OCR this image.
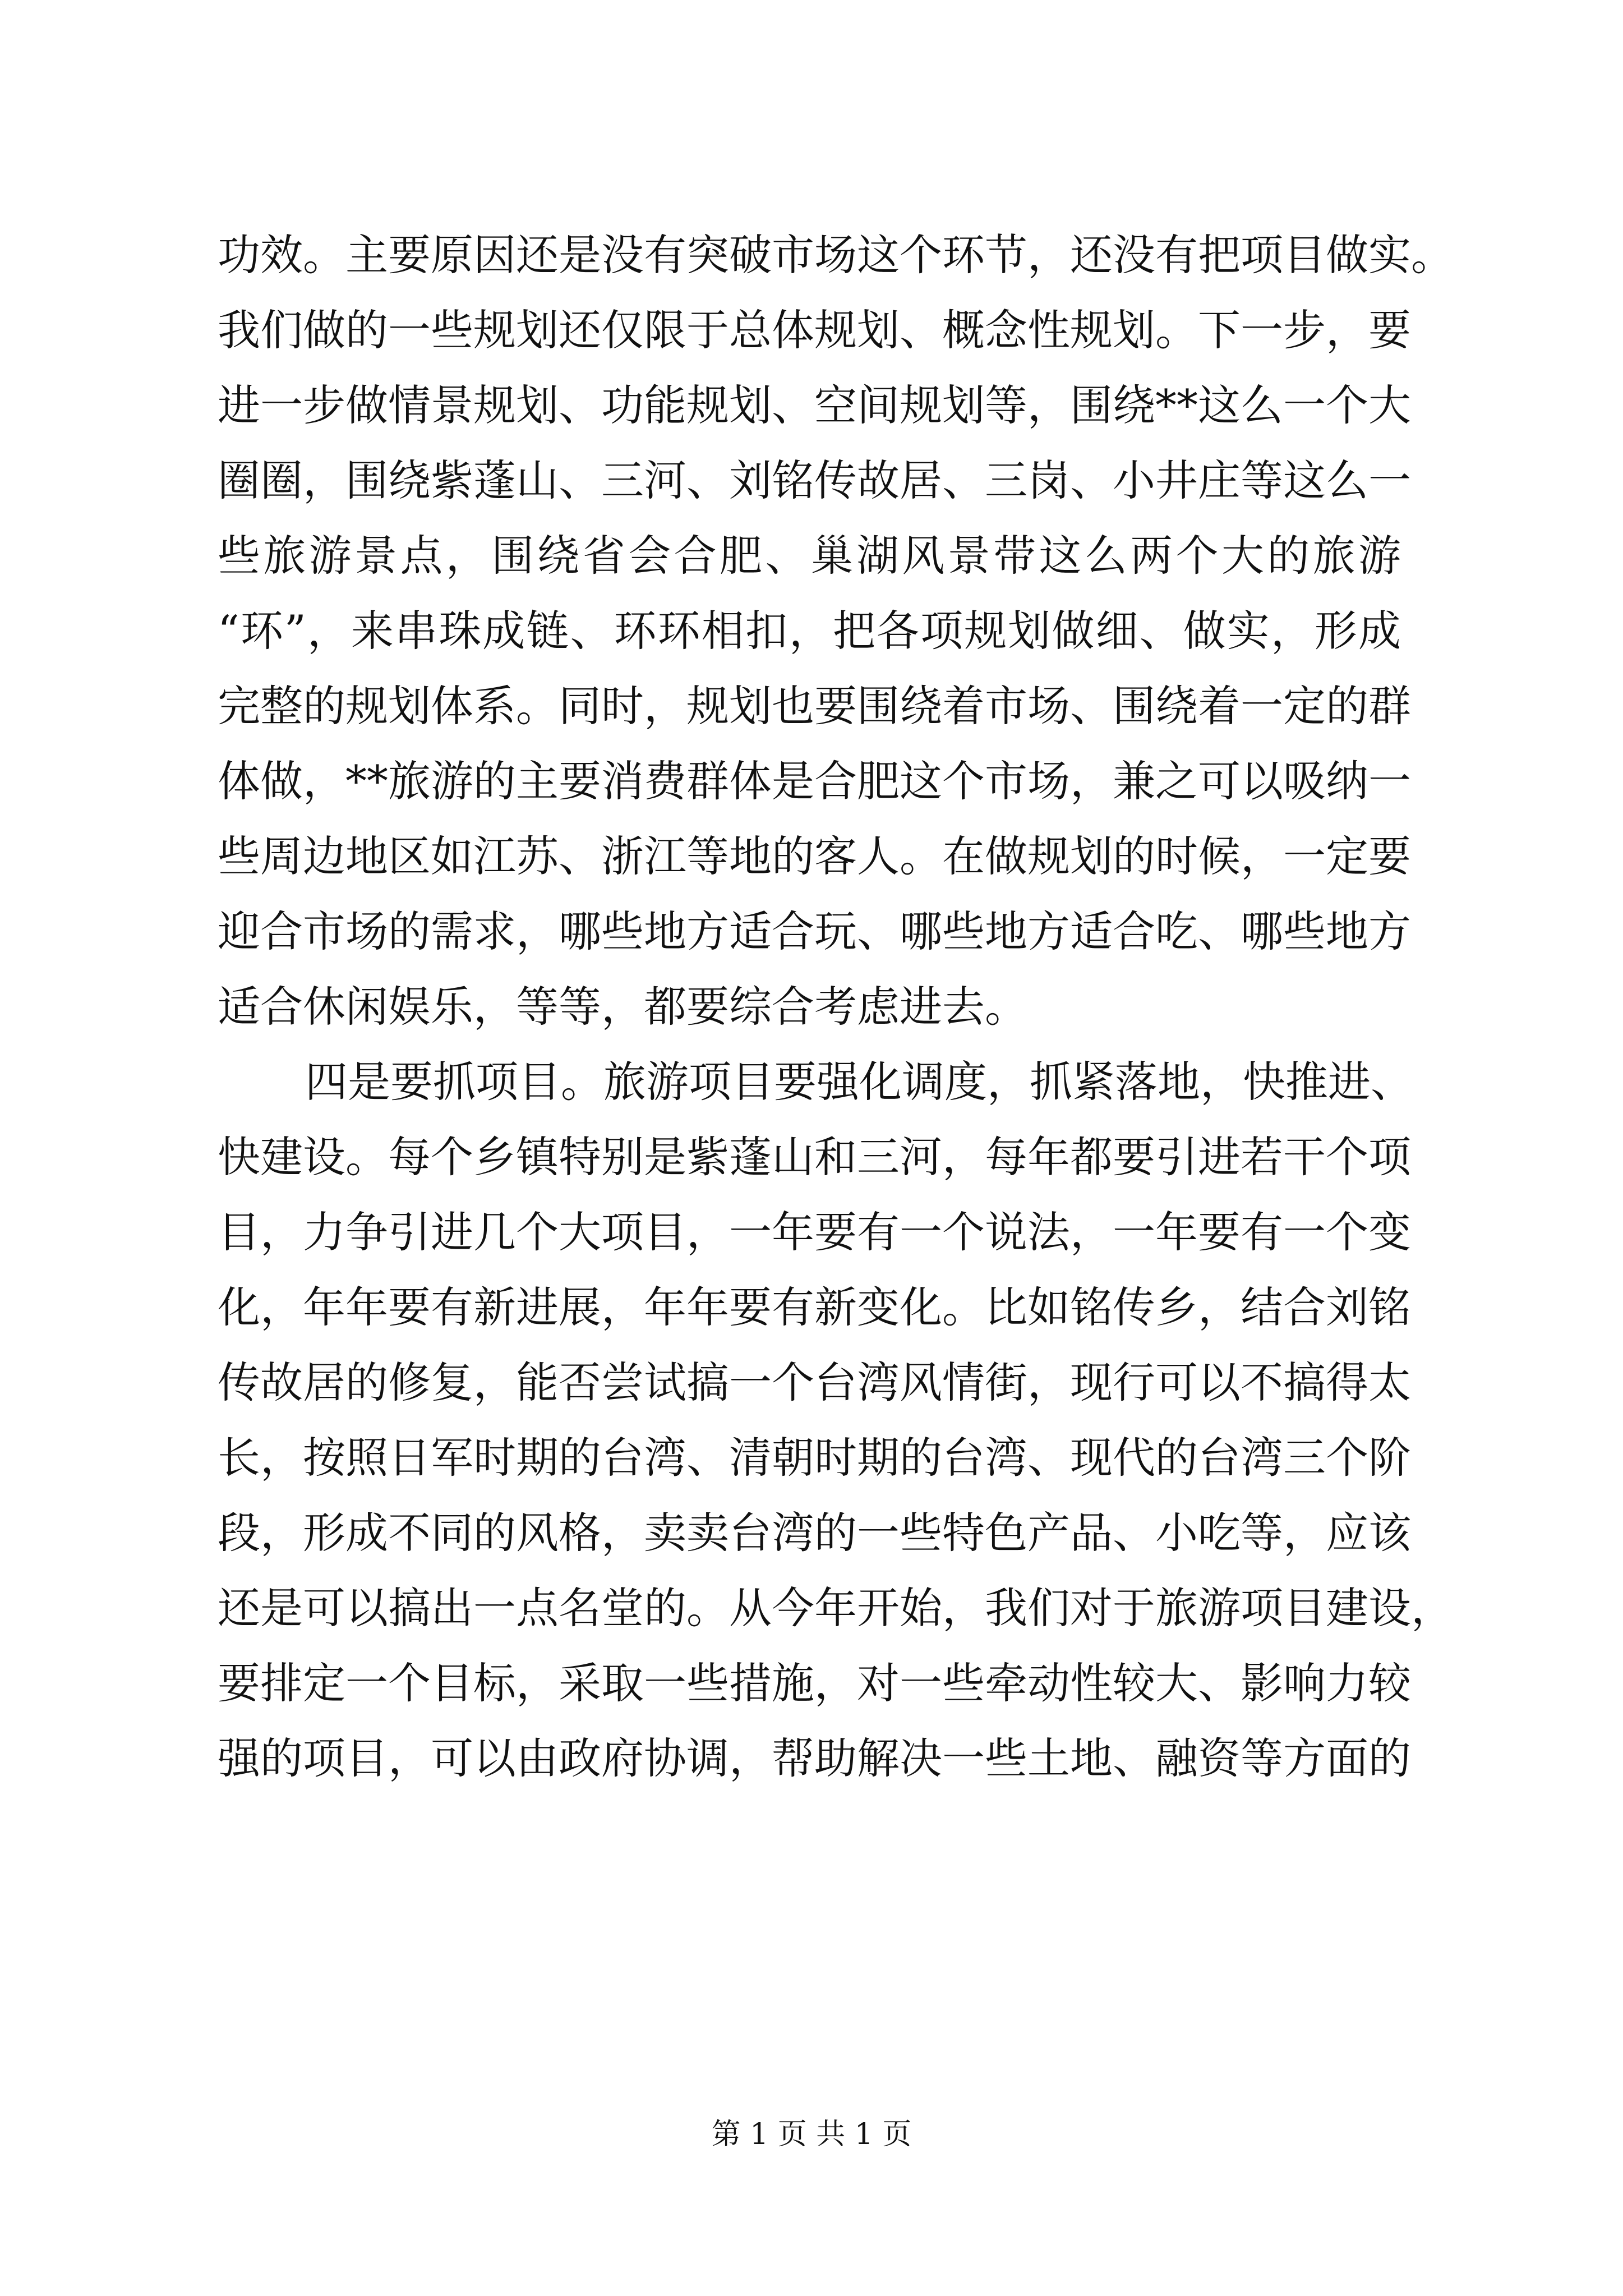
功效。主要原因还是没有突破市场这个环节，还没有把项目做实。
我们做的一些规划还仅限于总体规划、概念性规划。下一步，要
进一步做情景规划、功能规划、空间规划等，围绕**这么一个大
圈圈，围绕紫蓬山、三河、刘铭传故居、三岗、小井庄等这么一
些旅游景点，围绕省会合肥、巢湖风景带这么两个大的旅游
“环”，来串珠成链、环环相扣，把各项规划做细、做实，形成
完整的规划体系。同时，规划也要围绕着市场、围绕着一定的群
体做，**旅游的主要消费群体是合肥这个市场，兼之可以吸纳一
些周边地区如江苏、浙江等地的客人。在做规划的时候，一定要
迎合市场的需求，哪些地方适合玩、哪些地方适合吃、哪些地方
适合休闲娱乐，等等，都要综合考虑进去。
四是要抓项目。旅游项目要强化调度，抓紧落地，快推进、
快建设。每个乡镇特别是紫蓬山和三河，每年都要引进若干个项
目，力争引进几个大项目，一年要有一个说法，一年要有一个变
化，年年要有新进展，年年要有新变化。比如铭传乡，结合刘铭
传故居的修复，能否尝试搞一个台湾风情街，现行可以不搞得太
长，按照日军时期的台湾、清朝时期的台湾、现代的台湾三个阶
段，形成不同的风格，卖卖台湾的一些特色产品、小吃等，应该
还是可以搞出一点名堂的。从今年开始，我们对于旅游项目建设，
要排定一个目标，采取一些措施，对一些牵动性较大、影响力较
强的项目，可以由政府协调，帮助解决一些土地、融资等方面的
第 1 页 共 1 页
